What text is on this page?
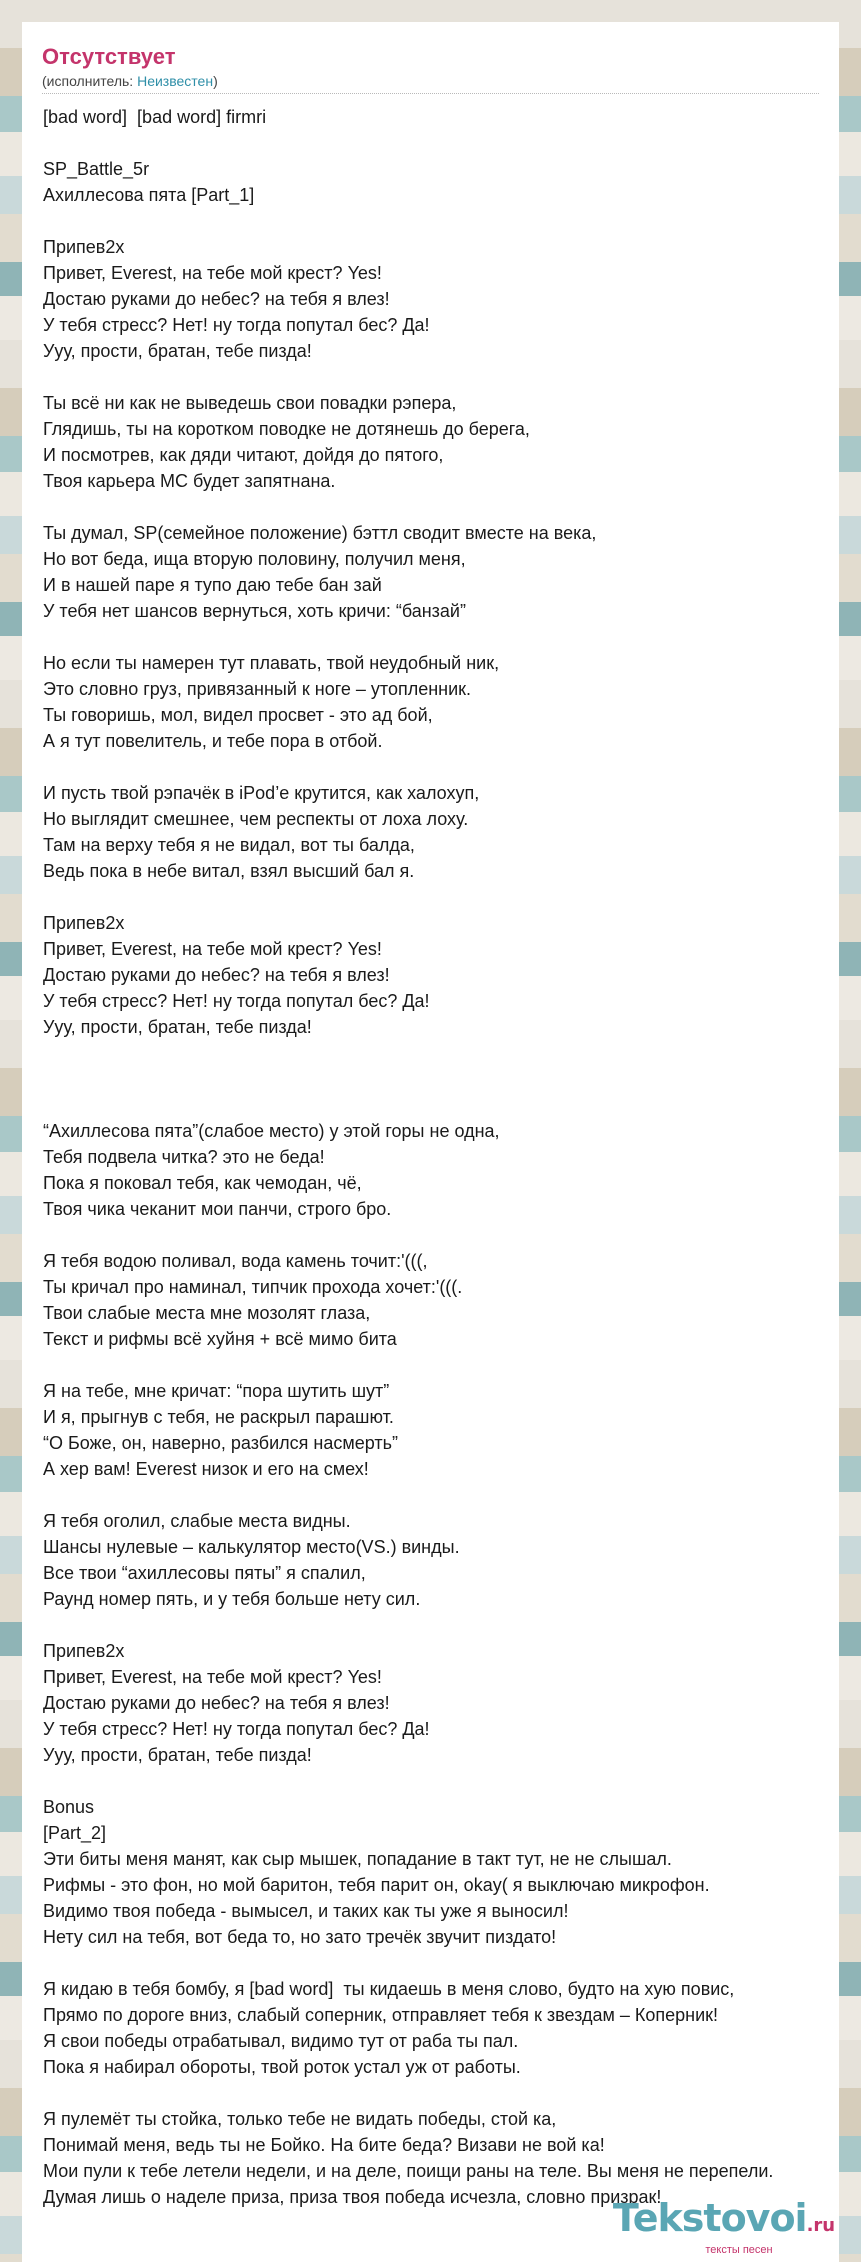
Отсутствует
(исполнитель: Неизвестен)
[bad word]  [bad word] firmri
SP_Battle_5r
Ахиллесова пята [Part_1]
Припев2x
Привет, Everest, на тебе мой крест? Yes!
Достаю руками до небес? на тебя я влез!
У тебя стресс? Нет! ну тогда попутал бес? Да!
Ууу, прости, братан, тебе пизда!
Ты всё ни как не выведешь свои повадки рэпера,
Глядишь, ты на коротком поводке не дотянешь до берега,
И посмотрев, как дяди читают, дойдя до пятого,
Твоя карьера МС будет запятнана.
Ты думал, SP(семейное положение) бэттл сводит вместе на века,
Но вот беда, ища вторую половину, получил меня,
И в нашей паре я тупо даю тебе бан зай
У тебя нет шансов вернуться, хоть кричи: “банзай”
Но если ты намерен тут плавать, твой неудобный ник,
Это словно груз, привязанный к ноге – утопленник.
Ты говоришь, мол, видел просвет - это ад бой,
А я тут повелитель, и тебе пора в отбой.
И пусть твой рэпачёк в iPod’е крутится, как халохуп,
Но выглядит смешнее, чем респекты от лоха лоху.
Там на верху тебя я не видал, вот ты балда,
Ведь пока в небе витал, взял высший бал я.
Припев2x
Привет, Everest, на тебе мой крест? Yes!
Достаю руками до небес? на тебя я влез!
У тебя стресс? Нет! ну тогда попутал бес? Да!
Ууу, прости, братан, тебе пизда!
“Ахиллесова пята”(слабое место) у этой горы не одна,
Тебя подвела читка? это не беда!
Пока я поковал тебя, как чемодан, чё,
Твоя чика чеканит мои панчи, строго бро.
Я тебя водою поливал, вода камень точит:'(((,
Ты кричал про наминал, типчик прохода хочет:'(((.
Твои слабые места мне мозолят глаза,
Текст и рифмы всё хуйня + всё мимо бита
Я на тебе, мне кричат: “пора шутить шут”
И я, прыгнув с тебя, не раскрыл парашют.
“О Боже, он, наверно, разбился насмерть”
А хер вам! Everest низок и его на смех!
Я тебя оголил, слабые места видны.
Шансы нулевые – калькулятор место(VS.) винды.
Все твои “ахиллесовы пяты” я спалил,
Раунд номер пять, и у тебя больше нету сил.
Припев2x
Привет, Everest, на тебе мой крест? Yes!
Достаю руками до небес? на тебя я влез!
У тебя стресс? Нет! ну тогда попутал бес? Да!
Ууу, прости, братан, тебе пизда!
Bonus
[Part_2]
Эти биты меня манят, как сыр мышек, попадание в такт тут, не не слышал.
Рифмы - это фон, но мой баритон, тебя парит он, okay( я выключаю микрофон.
Видимо твоя победа - вымысел, и таких как ты уже я выносил!
Нету сил на тебя, вот беда то, но зато тречёк звучит пиздато!
Я кидаю в тебя бомбу, я [bad word]  ты кидаешь в меня слово, будто на хую повис,
Прямо по дороге вниз, слабый соперник, отправляет тебя к звездам – Коперник!
Я свои победы отрабатывал, видимо тут от раба ты пал.
Пока я набирал обороты, твой роток устал уж от работы.
Я пулемёт ты стойка, только тебе не видать победы, стой ка,
Понимай меня, ведь ты не Бойко. На бите беда? Визави не вой ка!
Мои пули к тебе летели недели, и на деле, поищи раны на теле. Вы меня не перепели.
Думая лишь о наделе приза, приза твоя победа исчезла, словно призрак!
Tekstovoi.ru
тексты песен
